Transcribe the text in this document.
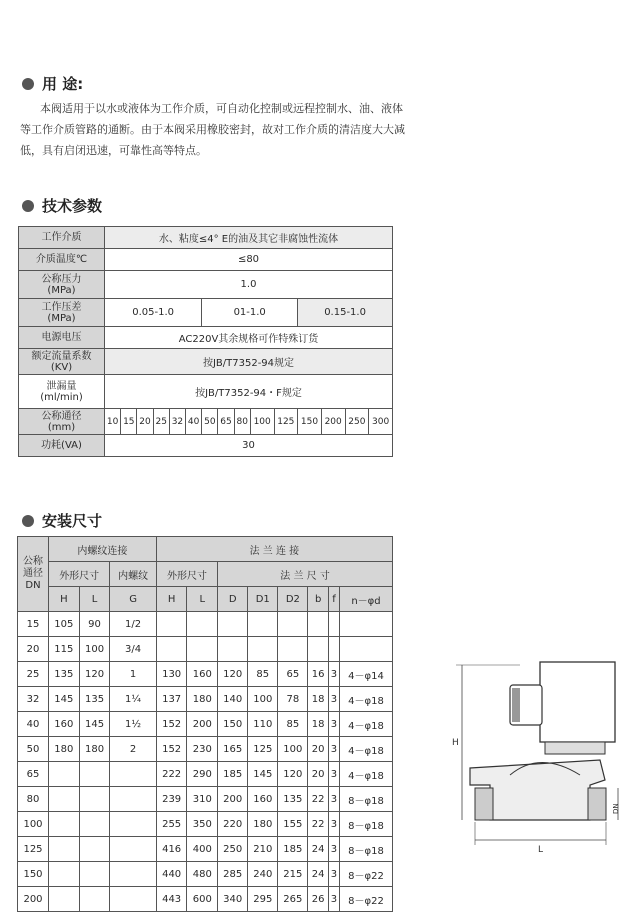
用 途:
本阀适用于以水或液体为工作介质，可自动化控制或远程控制水、油、液体
等工作介质管路的通断。由于本阀采用橡胶密封，故对工作介质的清洁度大大减
低，具有启闭迅速，可靠性高等特点。
技术参数
工作介质	水、粘度≤4° E的油及其它非腐蚀性流体														
介质温度℃	≤80														

公称压力
(MPa)	1.0														

工作压差
(MPa)	0.05-1.0						01-1.0					0.15-1.0			
电源电压	AC220V其余规格可作特殊订货														

额定流量系数
(KV)	按JB/T7352-94规定														

泄漏量
(ml/min)	按JB/T7352-94・F规定														

公称通径
(mm)	10	15	20	25	32	40	50	65	80	100	125	150	200	250	300
功耗(VA)	30														
安装尺寸
公称
通径
DN	内螺纹连接			法 兰 连 接							
	外形尺寸		内螺纹	外形尺寸		法 兰 尺 寸					
	H	L	G	H	L	D	D1	D2	b	f	n－φd
15	105	90	1/2								
20	115	100	3/4								
25	135	120	1	130	160	120	85	65	16	3	4－φ14
32	145	135	1¼	137	180	140	100	78	18	3	4－φ18
40	160	145	1½	152	200	150	110	85	18	3	4－φ18
50	180	180	2	152	230	165	125	100	20	3	4－φ18
65				222	290	185	145	120	20	3	4－φ18
80				239	310	200	160	135	22	3	8－φ18
100				255	350	220	180	155	22	3	8－φ18
125				416	400	250	210	185	24	3	8－φ18
150				440	480	285	240	215	24	3	8－φ22
200				443	600	340	295	265	26	3	8－φ22
H
L
DN
